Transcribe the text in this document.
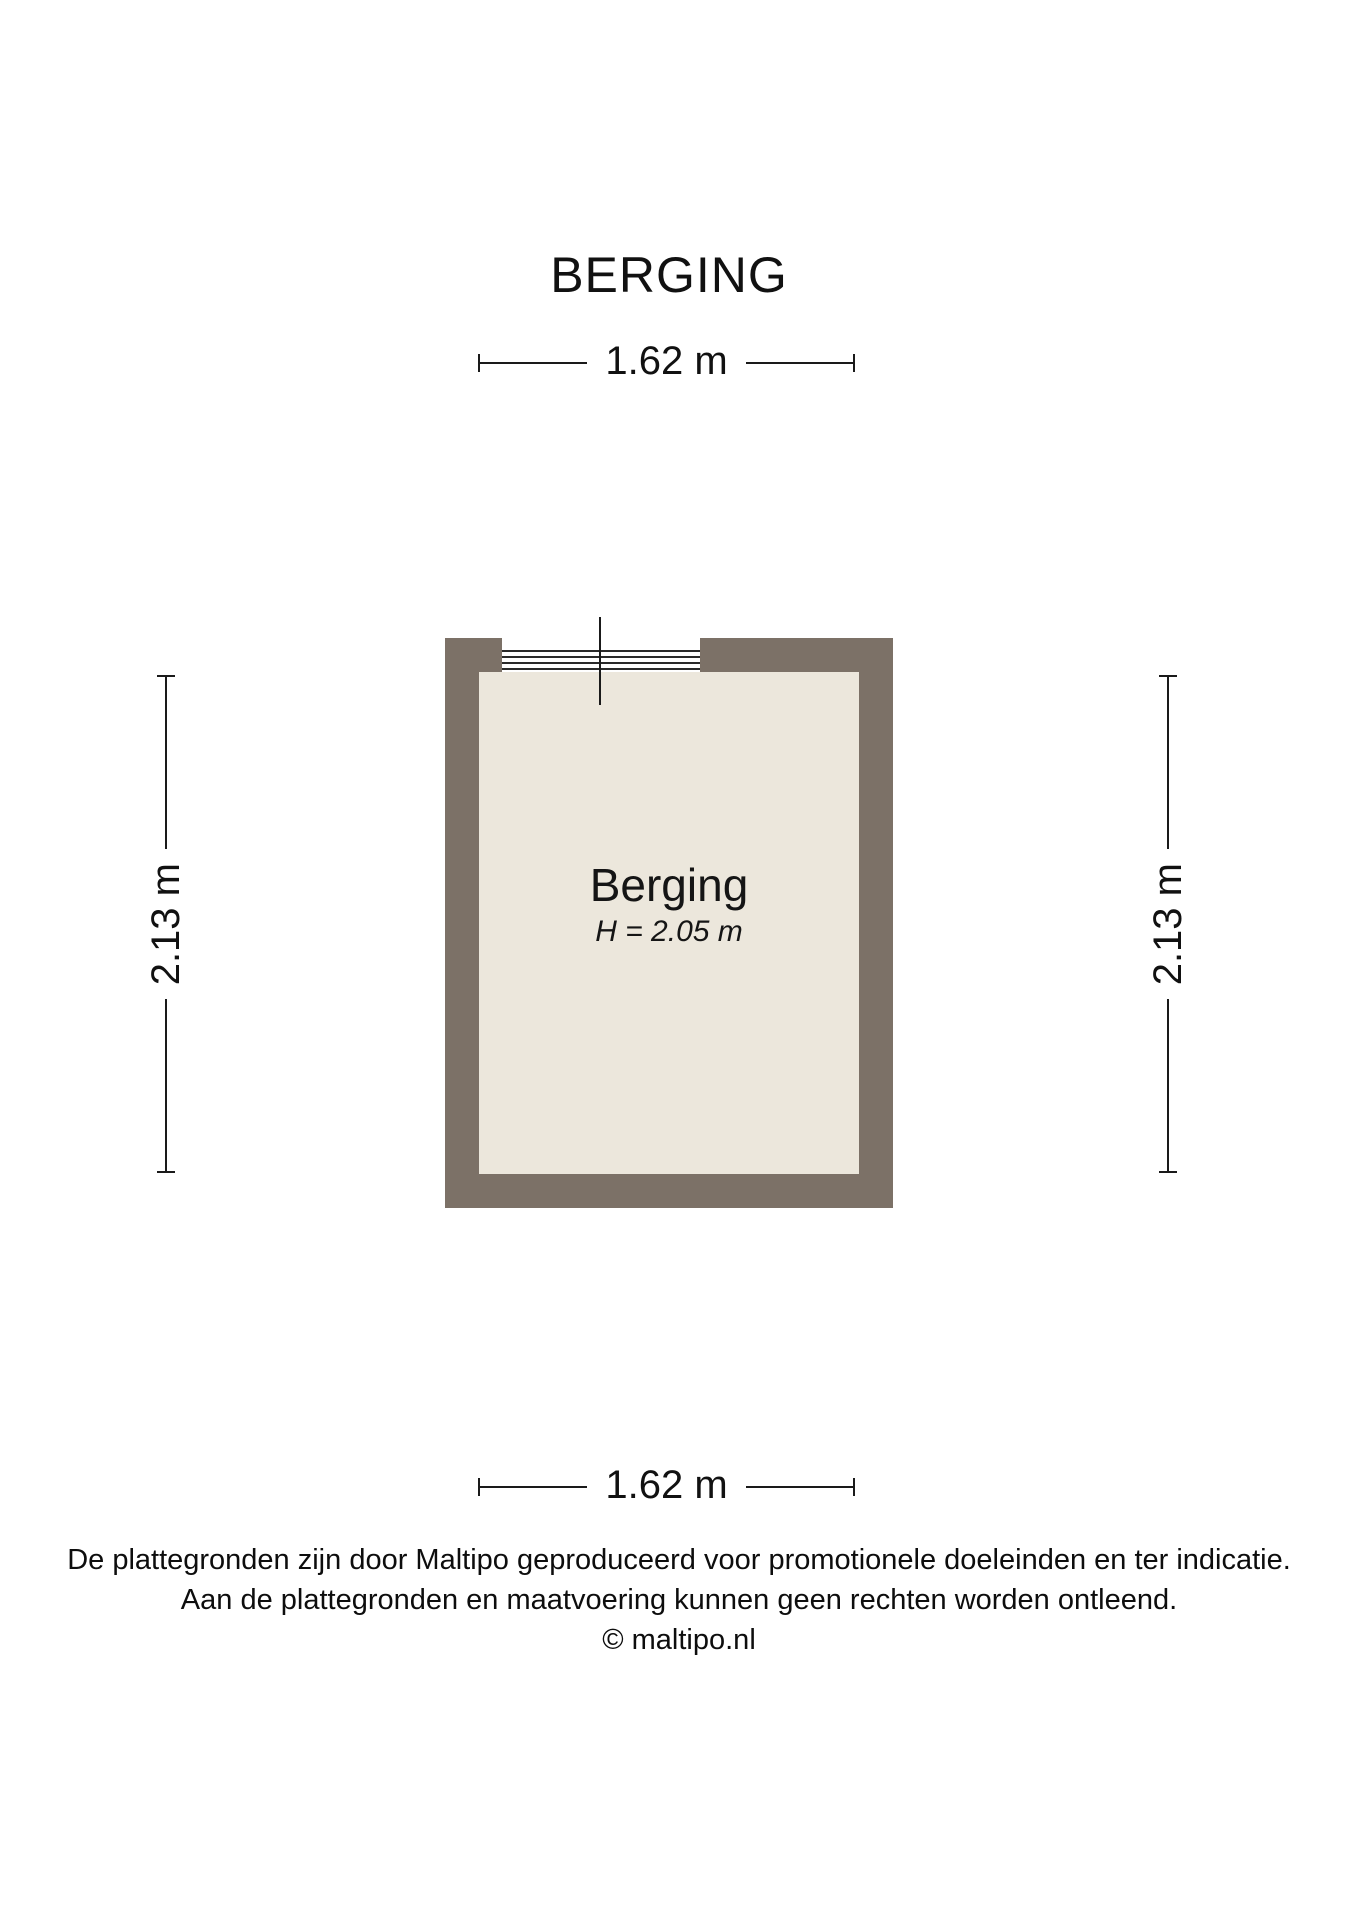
BERGING
1.62 m
2.13 m	2.13 m
Berging
H = 2.05 m
1.62 m
De plattegronden zijn door Maltipo geproduceerd voor promotionele doeleinden en ter indicatie.
Aan de plattegronden en maatvoering kunnen geen rechten worden ontleend.
© maltipo.nl
